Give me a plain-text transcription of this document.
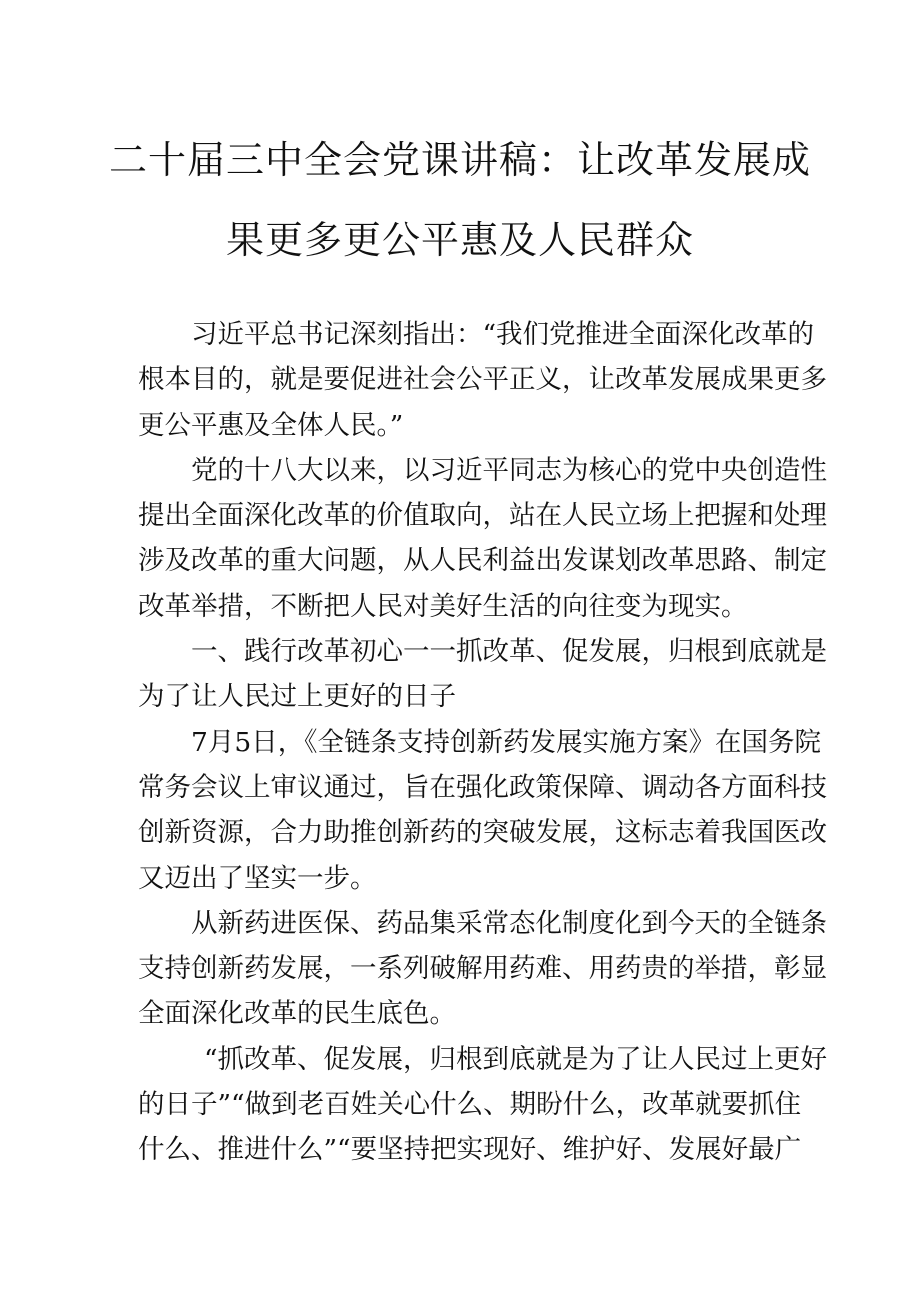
二十届三中全会党课讲稿：让改革发展成
果更多更公平惠及人民群众
习近平总书记深刻指出：“我们党推进全面深化改革的
根本目的，就是要促进社会公平正义，让改革发展成果更多
更公平惠及全体人民。”
党的十八大以来，以习近平同志为核心的党中央创造性
提出全面深化改革的价值取向，站在人民立场上把握和处理
涉及改革的重大问题，从人民利益出发谋划改革思路、制定
改革举措，不断把人民对美好生活的向往变为现实。
一、践行改革初心一一抓改革、促发展，归根到底就是
为了让人民过上更好的日子
7月5日，《全链条支持创新药发展实施方案》在国务院
常务会议上审议通过，旨在强化政策保障、调动各方面科技
创新资源，合力助推创新药的突破发展，这标志着我国医改
又迈出了坚实一步。
从新药进医保、药品集采常态化制度化到今天的全链条
支持创新药发展，一系列破解用药难、用药贵的举措，彰显
全面深化改革的民生底色。
“抓改革、促发展，归根到底就是为了让人民过上更好
的日子”“做到老百姓关心什么、期盼什么，改革就要抓住
什么、推进什么”“要坚持把实现好、维护好、发展好最广
